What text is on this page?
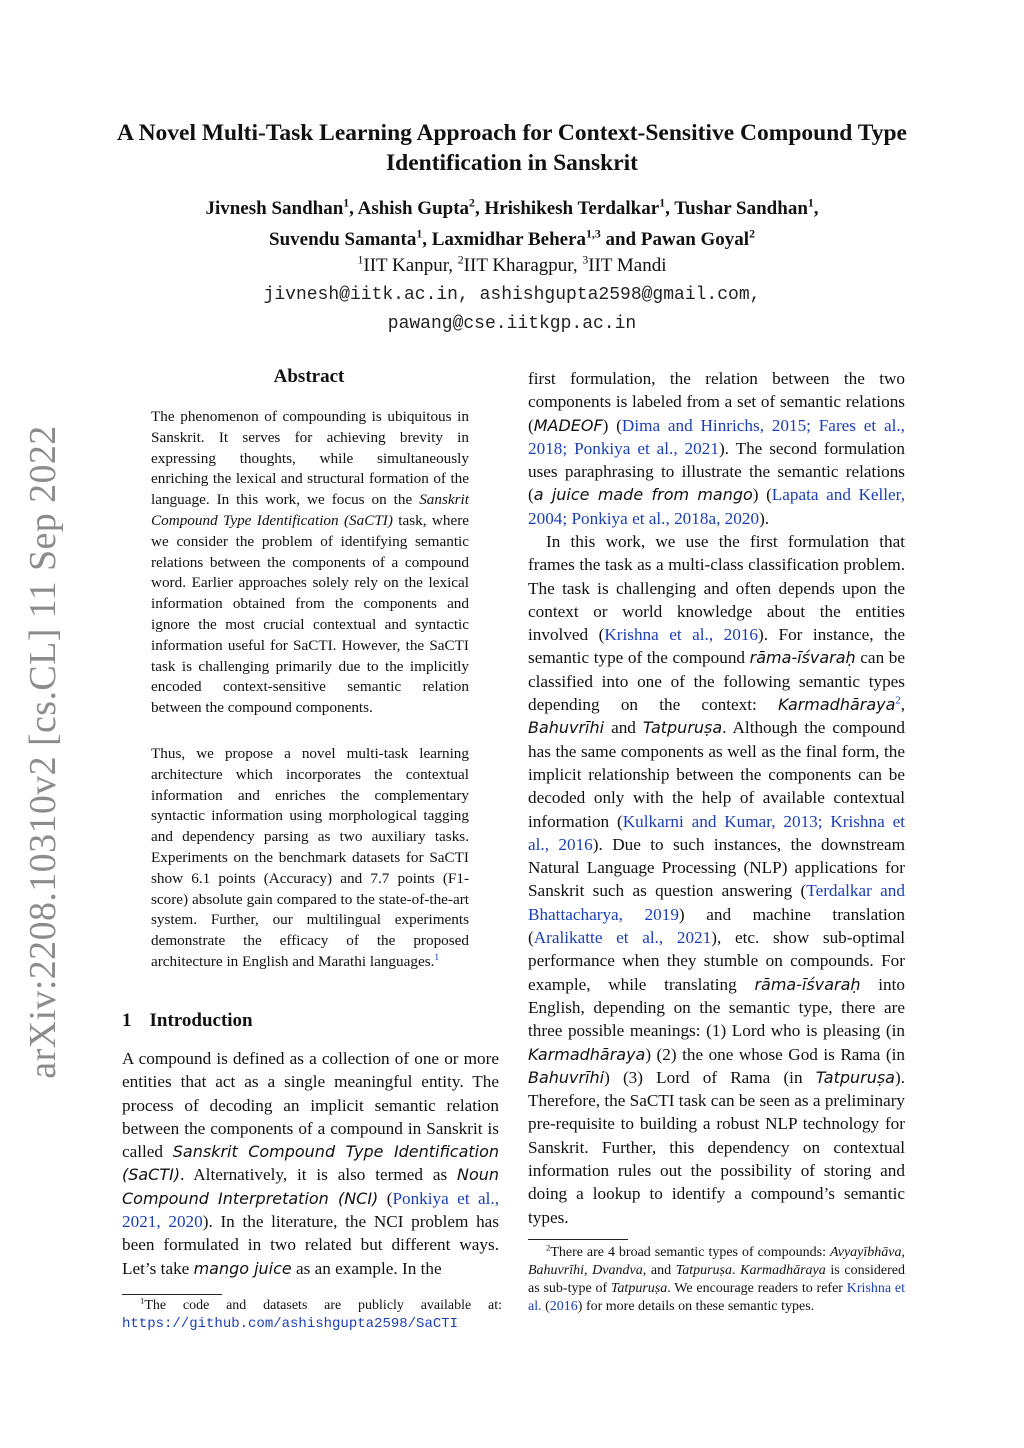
arXiv:2208.10310v2 [cs.CL] 11 Sep 2022
A Novel Multi-Task Learning Approach for Context-Sensitive Compound Type Identification in Sanskrit
Jivnesh Sandhan$^1$, Ashish Gupta$^2$, Hrishikesh Terdalkar$^1$, Tushar Sandhan$^1$,
Suvendu Samanta$^1$, Laxmidhar Behera$^{1,3}$ and Pawan Goyal$^2$
$^1$IIT Kanpur, $^2$IIT Kharagpur, $^3$IIT Mandi
jivnesh@iitk.ac.in, ashishgupta2598@gmail.com,
pawang@cse.iitkgp.ac.in
Abstract
The phenomenon of compounding is ubiquitous in Sanskrit. It serves for achieving brevity in expressing thoughts, while simultaneously enriching the lexical and structural formation of the language. In this work, we focus on the Sanskrit Compound Type Identification (SaCTI) task, where we consider the problem of identifying semantic relations between the components of a compound word. Earlier approaches solely rely on the lexical information obtained from the components and ignore the most crucial contextual and syntactic information useful for SaCTI. However, the SaCTI task is challenging primarily due to the implicitly encoded context-sensitive semantic relation between the compound components.
Thus, we propose a novel multi-task learning architecture which incorporates the contextual information and enriches the complementary syntactic information using morphological tagging and dependency parsing as two auxiliary tasks. Experiments on the benchmark datasets for SaCTI show 6.1 points (Accuracy) and 7.7 points (F1-score) absolute gain compared to the state-of-the-art system. Further, our multilingual experiments demonstrate the efficacy of the proposed architecture in English and Marathi languages.$^1$
1 Introduction
A compound is defined as a collection of one or more entities that act as a single meaningful entity. The process of decoding an implicit semantic relation between the components of a compound in Sanskrit is called Sanskrit Compound Type Identification (SaCTI). Alternatively, it is also termed as Noun Compound Interpretation (NCI) (Ponkiya et al., 2021, 2020). In the literature, the NCI problem has been formulated in two related but different ways. Let’s take mango juice as an example. In the
first formulation, the relation between the two components is labeled from a set of semantic relations (MADEOF) (Dima and Hinrichs, 2015; Fares et al., 2018; Ponkiya et al., 2021). The second formulation uses paraphrasing to illustrate the semantic relations (a juice made from mango) (Lapata and Keller, 2004; Ponkiya et al., 2018a, 2020).
In this work, we use the first formulation that frames the task as a multi-class classification problem. The task is challenging and often depends upon the context or world knowledge about the entities involved (Krishna et al., 2016). For instance, the semantic type of the compound rāma-īśvaraḥ can be classified into one of the following semantic types depending on the context: Karmadhāraya$^2$, Bahuvrīhi and Tatpuruṣa. Although the compound has the same components as well as the final form, the implicit relationship between the components can be decoded only with the help of available contextual information (Kulkarni and Kumar, 2013; Krishna et al., 2016). Due to such instances, the downstream Natural Language Processing (NLP) applications for Sanskrit such as question answering (Terdalkar and Bhattacharya, 2019) and machine translation (Aralikatte et al., 2021), etc. show sub-optimal performance when they stumble on compounds. For example, while translating rāma-īśvaraḥ into English, depending on the semantic type, there are three possible meanings: (1) Lord who is pleasing (in Karmadhāraya) (2) the one whose God is Rama (in Bahuvrīhi) (3) Lord of Rama (in Tatpuruṣa). Therefore, the SaCTI task can be seen as a preliminary pre-requisite to building a robust NLP technology for Sanskrit. Further, this dependency on contextual information rules out the possibility of storing and doing a lookup to identify a compound’s semantic types.
$^1$The code and datasets are publicly available at: https://github.com/ashishgupta2598/SaCTI
$^2$There are 4 broad semantic types of compounds: Avyayībhāva, Bahuvrīhi, Dvandva, and Tatpuruṣa. Karmadhāraya is considered as sub-type of Tatpuruṣa. We encourage readers to refer Krishna et al. (2016) for more details on these semantic types.
